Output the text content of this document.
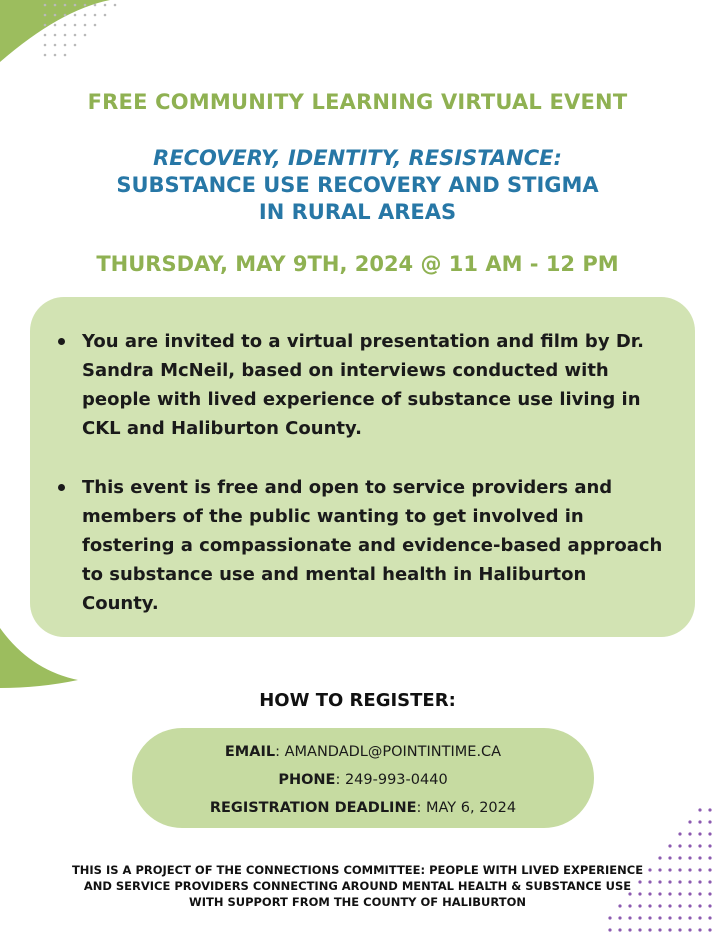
FREE COMMUNITY LEARNING VIRTUAL EVENT
RECOVERY, IDENTITY, RESISTANCE:
SUBSTANCE USE RECOVERY AND STIGMA
IN RURAL AREAS
THURSDAY, MAY 9TH, 2024 @ 11 AM - 12 PM
You are invited to a virtual presentation and film by Dr. Sandra McNeil, based on interviews conducted with people with lived experience of substance use living in CKL and Haliburton County.
This event is free and open to service providers and members of the public wanting to get involved in fostering a compassionate and evidence-based approach to substance use and mental health in Haliburton County.
HOW TO REGISTER:
EMAIL: AMANDADL@POINTINTIME.CA
PHONE: 249-993-0440
REGISTRATION DEADLINE: MAY 6, 2024
THIS IS A PROJECT OF THE CONNECTIONS COMMITTEE: PEOPLE WITH LIVED EXPERIENCE
AND SERVICE PROVIDERS CONNECTING AROUND MENTAL HEALTH & SUBSTANCE USE
WITH SUPPORT FROM THE COUNTY OF HALIBURTON
